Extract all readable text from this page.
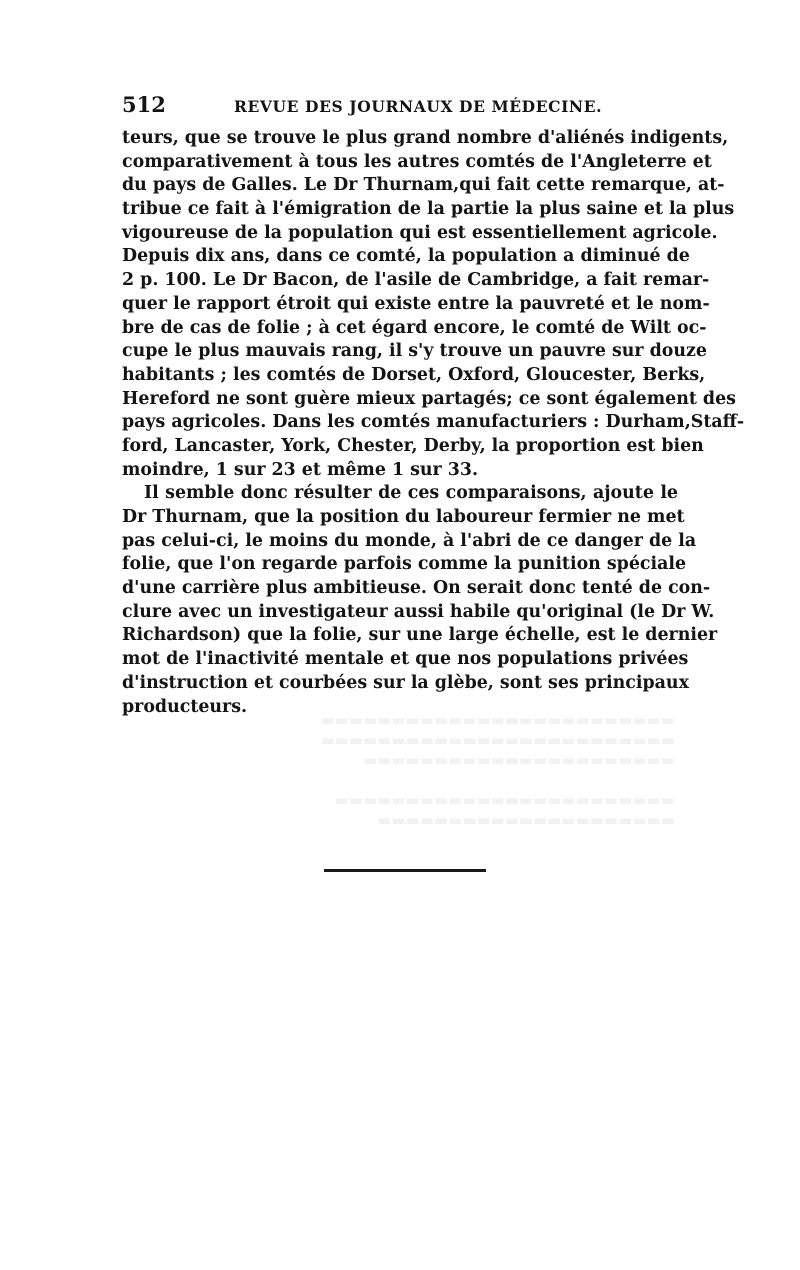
512	REVUE DES JOURNAUX DE MÉDECINE.
teurs, que se trouve le plus grand nombre d'aliénés indigents,
comparativement à tous les autres comtés de l'Angleterre et
du pays de Galles. Le Dr Thurnam,qui fait cette remarque, at-
tribue ce fait à l'émigration de la partie la plus saine et la plus
vigoureuse de la population qui est essentiellement agricole.
Depuis dix ans, dans ce comté, la population a diminué de
2 p. 100. Le Dr Bacon, de l'asile de Cambridge, a fait remar-
quer le rapport étroit qui existe entre la pauvreté et le nom-
bre de cas de folie ; à cet égard encore, le comté de Wilt oc-
cupe le plus mauvais rang, il s'y trouve un pauvre sur douze
habitants ; les comtés de Dorset, Oxford, Gloucester, Berks,
Hereford ne sont guère mieux partagés; ce sont également des
pays agricoles. Dans les comtés manufacturiers : Durham,Staff-
ford, Lancaster, York, Chester, Derby, la proportion est bien
moindre, 1 sur 23 et même 1 sur 33.
Il semble donc résulter de ces comparaisons, ajoute le
Dr Thurnam, que la position du laboureur fermier ne met
pas celui-ci, le moins du monde, à l'abri de ce danger de la
folie, que l'on regarde parfois comme la punition spéciale
d'une carrière plus ambitieuse. On serait donc tenté de con-
clure avec un investigateur aussi habile qu'original (le Dr W.
Richardson) que la folie, sur une large échelle, est le dernier
mot de l'inactivité mentale et que nos populations privées
d'instruction et courbées sur la glèbe, sont ses principaux
producteurs.
▬▬▬▬▬▬▬▬▬▬▬▬▬▬▬▬▬▬▬▬▬▬▬▬▬
▬▬▬▬▬▬▬▬▬▬▬▬▬▬▬▬▬▬▬▬▬▬▬▬▬
▬▬▬▬▬▬▬▬▬▬▬▬▬▬▬▬▬▬▬▬▬▬

▬▬▬▬▬▬▬▬▬▬▬▬▬▬▬▬▬▬▬▬▬▬▬▬
▬▬▬▬▬▬▬▬▬▬▬▬▬▬▬▬▬▬▬▬▬
